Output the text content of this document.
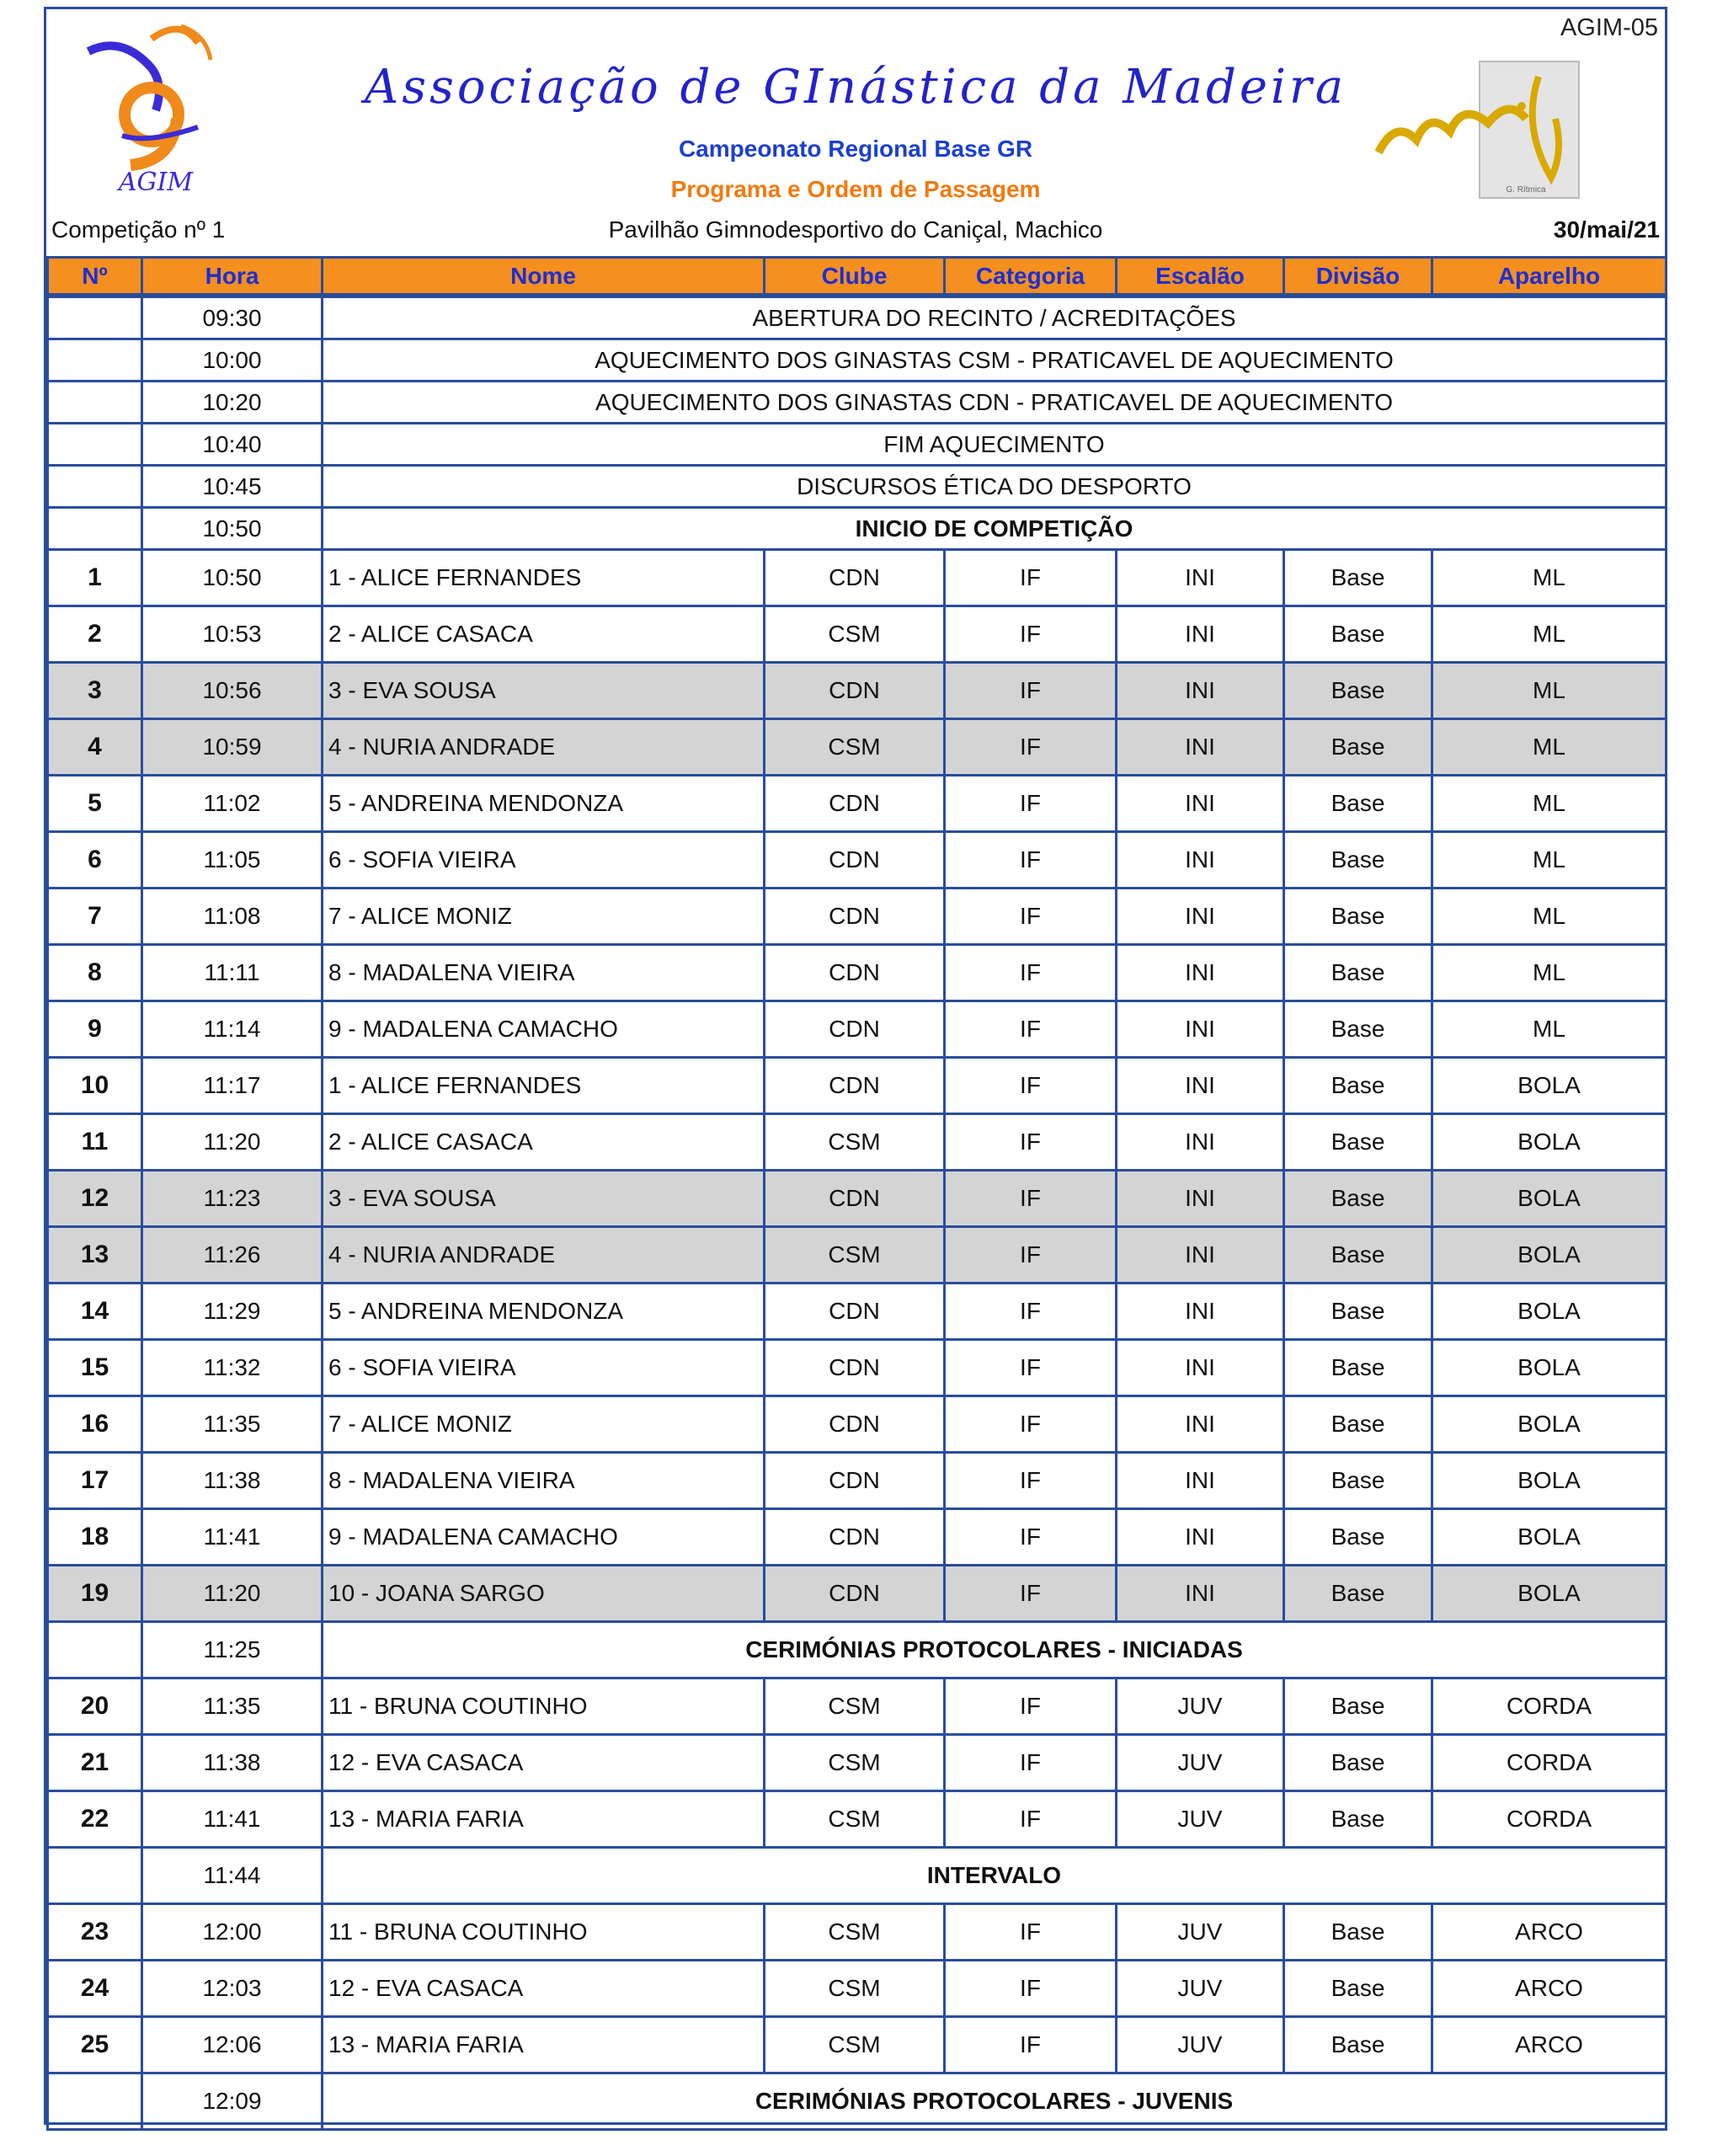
AGIM
AGIM-05
Associação de GInástica da Madeira
Campeonato Regional Base GR
Programa e Ordem de Passagem	G. Rítmica
Competição nº 1	Pavilhão Gimnodesportivo do Caniçal, Machico	30/mai/21
Nº	Hora	Nome	Clube	Categoria	Escalão	Divisão	Aparelho
	09:30	ABERTURA DO RECINTO / ACREDITAÇÕES					
	10:00	AQUECIMENTO DOS GINASTAS CSM - PRATICAVEL DE AQUECIMENTO					
	10:20	AQUECIMENTO DOS GINASTAS CDN - PRATICAVEL DE AQUECIMENTO					
	10:40	FIM AQUECIMENTO					
	10:45	DISCURSOS ÉTICA DO DESPORTO					
	10:50	INICIO DE COMPETIÇÃO					
1	10:50	1 - ALICE FERNANDES	CDN	IF	INI	Base	ML
2	10:53	2 - ALICE CASACA	CSM	IF	INI	Base	ML
3	10:56	3 - EVA SOUSA	CDN	IF	INI	Base	ML
4	10:59	4 - NURIA ANDRADE	CSM	IF	INI	Base	ML
5	11:02	5 - ANDREINA MENDONZA	CDN	IF	INI	Base	ML
6	11:05	6 - SOFIA VIEIRA	CDN	IF	INI	Base	ML
7	11:08	7 - ALICE MONIZ	CDN	IF	INI	Base	ML
8	11:11	8 - MADALENA VIEIRA	CDN	IF	INI	Base	ML
9	11:14	9 - MADALENA CAMACHO	CDN	IF	INI	Base	ML
10	11:17	1 - ALICE FERNANDES	CDN	IF	INI	Base	BOLA
11	11:20	2 - ALICE CASACA	CSM	IF	INI	Base	BOLA
12	11:23	3 - EVA SOUSA	CDN	IF	INI	Base	BOLA
13	11:26	4 - NURIA ANDRADE	CSM	IF	INI	Base	BOLA
14	11:29	5 - ANDREINA MENDONZA	CDN	IF	INI	Base	BOLA
15	11:32	6 - SOFIA VIEIRA	CDN	IF	INI	Base	BOLA
16	11:35	7 - ALICE MONIZ	CDN	IF	INI	Base	BOLA
17	11:38	8 - MADALENA VIEIRA	CDN	IF	INI	Base	BOLA
18	11:41	9 - MADALENA CAMACHO	CDN	IF	INI	Base	BOLA
19	11:20	10 - JOANA SARGO	CDN	IF	INI	Base	BOLA
	11:25	CERIMÓNIAS PROTOCOLARES - INICIADAS					
20	11:35	11 - BRUNA COUTINHO	CSM	IF	JUV	Base	CORDA
21	11:38	12 - EVA CASACA	CSM	IF	JUV	Base	CORDA
22	11:41	13 - MARIA FARIA	CSM	IF	JUV	Base	CORDA
	11:44	INTERVALO					
23	12:00	11 - BRUNA COUTINHO	CSM	IF	JUV	Base	ARCO
24	12:03	12 - EVA CASACA	CSM	IF	JUV	Base	ARCO
25	12:06	13 - MARIA FARIA	CSM	IF	JUV	Base	ARCO
	12:09	CERIMÓNIAS PROTOCOLARES - JUVENIS					
